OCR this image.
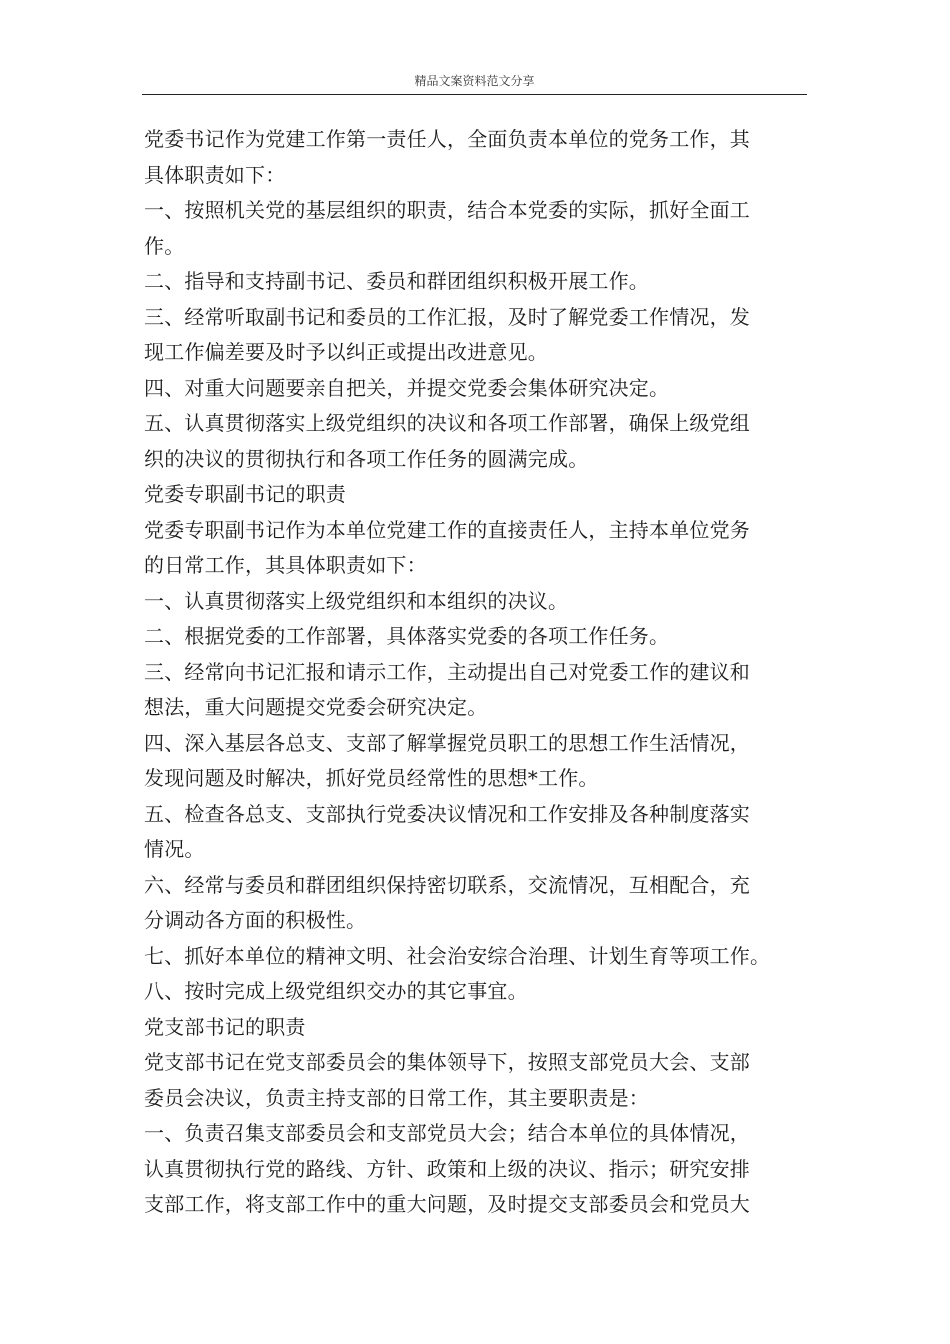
精品文案资料范文分享

党委书记作为党建工作第一责任人，全面负责本单位的党务工作，其
具体职责如下：

一、按照机关党的基层组织的职责，结合本党委的实际，抓好全面工
作。

二、指导和支持副书记、委员和群团组织积极开展工作。

三、经常听取副书记和委员的工作汇报，及时了解党委工作情况，发
现工作偏差要及时予以纠正或提出改进意见。

四、对重大问题要亲自把关，并提交党委会集体研究决定。

五、认真贯彻落实上级党组织的决议和各项工作部署，确保上级党组
织的决议的贯彻执行和各项工作任务的圆满完成。

党委专职副书记的职责

党委专职副书记作为本单位党建工作的直接责任人，主持本单位党务
的日常工作，其具体职责如下：

一、认真贯彻落实上级党组织和本组织的决议。

二、根据党委的工作部署，具体落实党委的各项工作任务。

三、经常向书记汇报和请示工作，主动提出自己对党委工作的建议和
想法，重大问题提交党委会研究决定。

四、深入基层各总支、支部了解掌握党员职工的思想工作生活情况，
发现问题及时解决，抓好党员经常性的思想*工作。

五、检查各总支、支部执行党委决议情况和工作安排及各种制度落实
情况。

六、经常与委员和群团组织保持密切联系，交流情况，互相配合，充
分调动各方面的积极性。

七、抓好本单位的精神文明、社会治安综合治理、计划生育等项工作。

八、按时完成上级党组织交办的其它事宜。

党支部书记的职责

党支部书记在党支部委员会的集体领导下，按照支部党员大会、支部
委员会决议，负责主持支部的日常工作，其主要职责是：

一、负责召集支部委员会和支部党员大会；结合本单位的具体情况，
认真贯彻执行党的路线、方针、政策和上级的决议、指示；研究安排
支部工作，将支部工作中的重大问题，及时提交支部委员会和党员大
